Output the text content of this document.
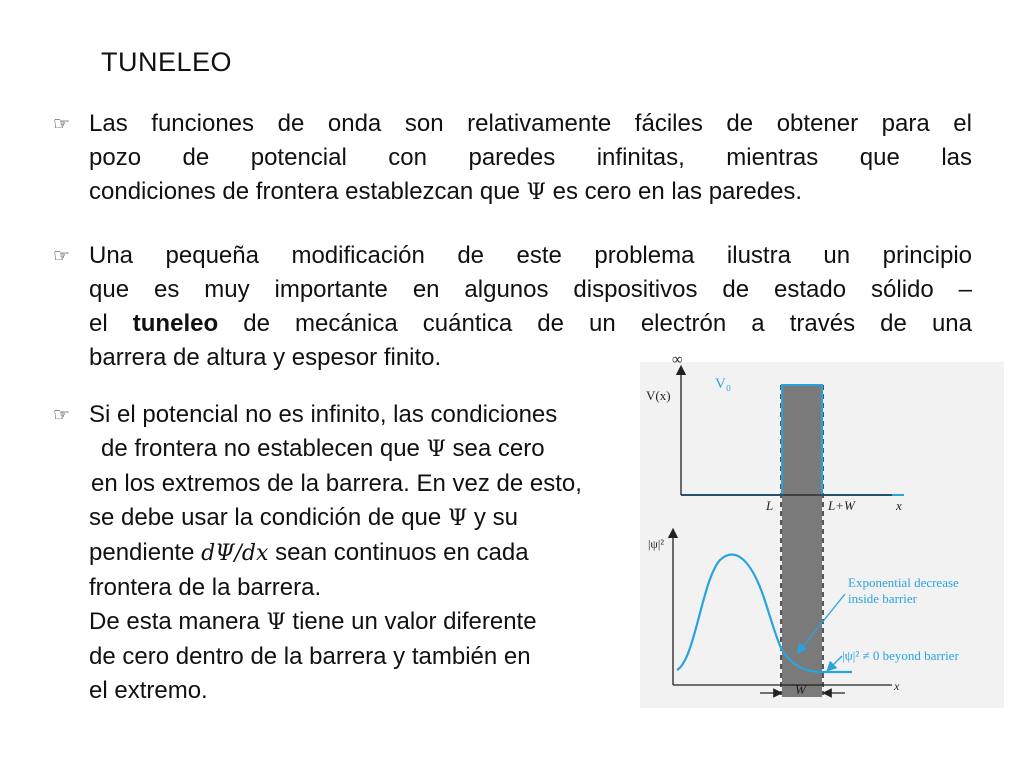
TUNELEO
☞ Las funciones de onda son relativamente fáciles de obtener para el
pozo de potencial con paredes infinitas, mientras que las
condiciones de frontera establezcan que Ψ es cero en las paredes.
☞ Una pequeña modificación de este problema ilustra un principio
que es muy importante en algunos dispositivos de estado sólido –
el tuneleo de mecánica cuántica de un electrón a través de una
barrera de altura y espesor finito.
☞ Si el potencial no es infinito, las condiciones
de frontera no establecen que Ψ sea cero
en los extremos de la barrera. En vez de esto,
se debe usar la condición de que Ψ y su
pendiente dΨ/dx sean continuos en cada
frontera de la barrera.
De esta manera Ψ tiene un valor diferente
de cero dentro de la barrera y también en
el extremo.
∞
V(x)
V₀
L	L+W	x
|ψ|²
x
Exponential decrease
inside barrier
|ψ|² ≠ 0 beyond barrier
W
